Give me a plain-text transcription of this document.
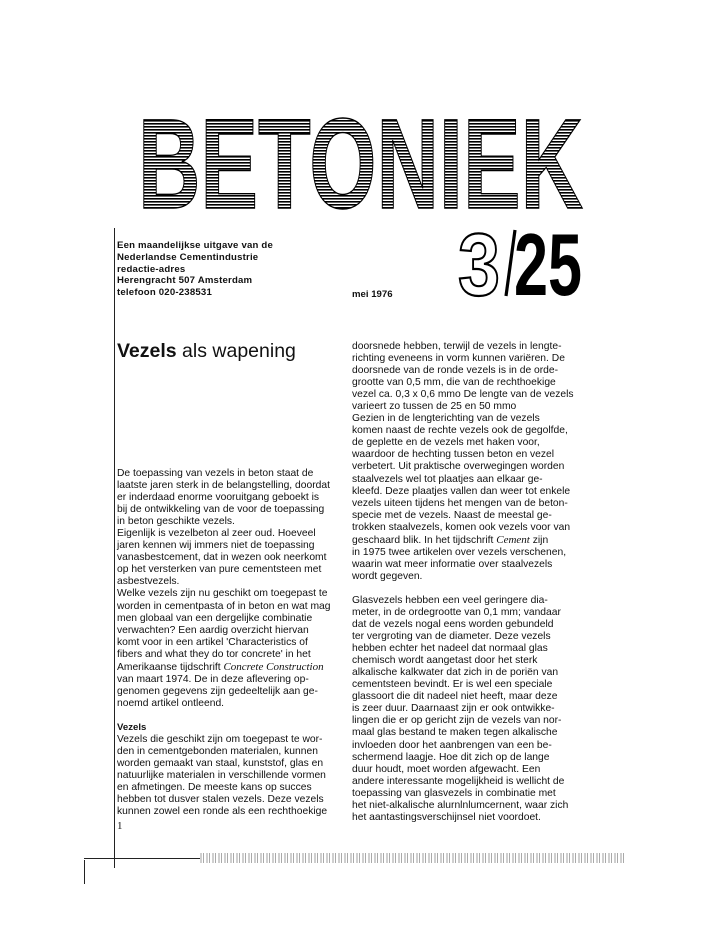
BETONIEK
Een maandelijkse uitgave van de
Nederlandse Cementindustrie
redactie-adres
Herengracht 507 Amsterdam
telefoon 020-238531	mei 1976 3 25
Vezels als wapening

De toepassing van vezels in beton staat de

laatste jaren sterk in de belangstelling, doordat

er inderdaad enorme vooruitgang geboekt is

bij de ontwikkeling van de voor de toepassing

in beton geschikte vezels.

Eigenlijk is vezelbeton al zeer oud. Hoeveel

jaren kennen wij immers niet de toepassing

vanasbestcement, dat in wezen ook neerkomt

op het versterken van pure cementsteen met

asbestvezels.

Welke vezels zijn nu geschikt om toegepast te

worden in cementpasta of in beton en wat mag

men globaal van een dergelijke combinatie

verwachten? Een aardig overzicht hiervan

komt voor in een artikel 'Characteristics of

fibers and what they do tor concrete' in het

Amerikaanse tijdschrift Concrete Construction

van maart 1974. De in deze aflevering op-

genomen gegevens zijn gedeeltelijk aan ge-

noemd artikel ontleend.

Vezels

Vezels die geschikt zijn om toegepast te wor-

den in cementgebonden materialen, kunnen

worden gemaakt van staal, kunststof, glas en

natuurlijke materialen in verschillende vormen

en afmetingen. De meeste kans op succes

hebben tot dusver stalen vezels. Deze vezels

kunnen zowel een ronde als een rechthoekige

doorsnede hebben, terwijl de vezels in lengte-

richting eveneens in vorm kunnen variëren. De

doorsnede van de ronde vezels is in de orde-

grootte van 0,5 mm, die van de rechthoekige

vezel ca. 0,3 x 0,6 mmo De lengte van de vezels

varieert zo tussen de 25 en 50 mmo

Gezien in de lengterichting van de vezels

komen naast de rechte vezels ook de gegolfde,

de geplette en de vezels met haken voor,

waardoor de hechting tussen beton en vezel

verbetert. Uit praktische overwegingen worden

staalvezels wel tot plaatjes aan elkaar ge-

kleefd. Deze plaatjes vallen dan weer tot enkele

vezels uiteen tijdens het mengen van de beton-

specie met de vezels. Naast de meestal ge-

trokken staalvezels, komen ook vezels voor van

geschaard blik. In het tijdschrift Cement zijn

in 1975 twee artikelen over vezels verschenen,

waarin wat meer informatie over staalvezels

wordt gegeven.

Glasvezels hebben een veel geringere dia-

meter, in de ordegrootte van 0,1 mm; vandaar

dat de vezels nogal eens worden gebundeld

ter vergroting van de diameter. Deze vezels

hebben echter het nadeel dat normaal glas

chemisch wordt aangetast door het sterk

alkalische kalkwater dat zich in de poriën van

cementsteen bevindt. Er is wel een speciale

glassoort die dit nadeel niet heeft, maar deze

is zeer duur. Daarnaast zijn er ook ontwikke-

lingen die er op gericht zijn de vezels van nor-

maal glas bestand te maken tegen alkalische

invloeden door het aanbrengen van een be-

schermend laagje. Hoe dit zich op de lange

duur houdt, moet worden afgewacht. Een

andere interessante mogelijkheid is wellicht de

toepassing van glasvezels in combinatie met

het niet-alkalische alurnlnlumcernent, waar zich

het aantastingsverschijnsel niet voordoet.

1
